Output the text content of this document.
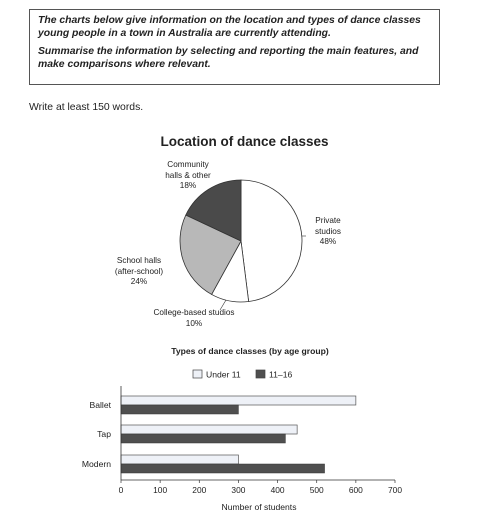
The charts below give information on the location and types of dance classes young people in a town in Australia are currently attending.

Summarise the information by selecting and reporting the main features, and make comparisons where relevant.

Write at least 150 words.
Location of dance classes
Under 11	11–16
Ballet
Tap
Modern
0	100	200	300	400	500	600	700
Number of students
Community
halls & other
18%
Private
studios
48%
School halls
(after-school)
24%
College-based studios
10%
Types of dance classes (by age group)
